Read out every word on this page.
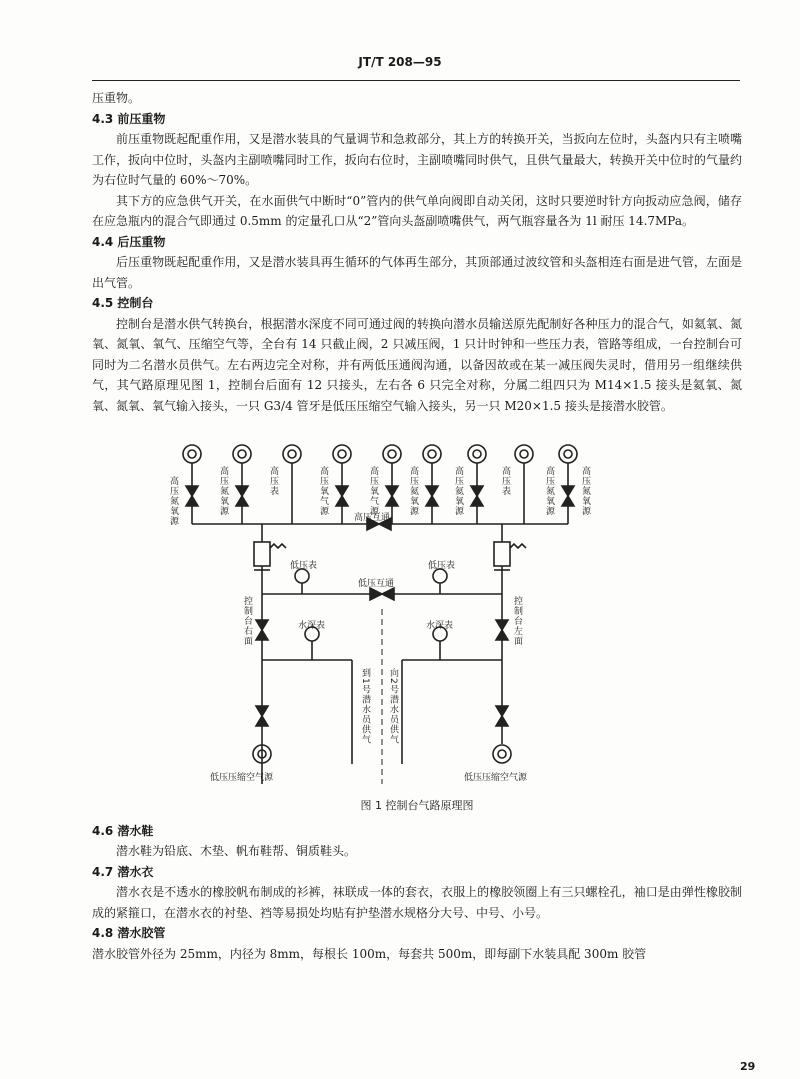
JT/T 208—95

压重物。

4.3 前压重物

前压重物既起配重作用，又是潜水装具的气量调节和急救部分，其上方的转换开关，当扳向左位时，头盔内只有主喷嘴工作，扳向中位时，头盔内主副喷嘴同时工作，扳向右位时，主副喷嘴同时供气，且供气量最大，转换开关中位时的气量约为右位时气量的 60%～70%。

其下方的应急供气开关，在水面供气中断时“0”管内的供气单向阀即自动关闭，这时只要逆时针方向扳动应急阀，储存在应急瓶内的混合气即通过 0.5mm 的定量孔口从“2”管向头盔副喷嘴供气，两气瓶容量各为 1l 耐压 14.7MPa。

4.4 后压重物

后压重物既起配重作用，又是潜水装具再生循环的气体再生部分，其顶部通过波纹管和头盔相连右面是进气管，左面是出气管。

4.5 控制台

控制台是潜水供气转换台，根据潜水深度不同可通过阀的转换向潜水员输送原先配制好各种压力的混合气，如氦氧、氮氧、氮氧、氧气、压缩空气等，全台有 14 只截止阀，2 只减压阀，1 只计时钟和一些压力表，管路等组成，一台控制台可同时为二名潜水员供气。左右两边完全对称，并有两低压通阀沟通，以备因故或在某一减压阀失灵时，借用另一组继续供气，其气路原理见图 1，控制台后面有 12 只接头，左右各 6 只完全对称，分属二组四只为 M14×1.5 接头是氦氧、氮氧、氮氧、氧气输入接头，一只 G3/4 管牙是低压压缩空气输入接头，另一只 M20×1.5 接头是接潜水胶管。

高压氮氧源	高压氮氧源	高压表	高压氧气源	高压氧气源	高压氦氧源	高压氦氧源	高压表	高压氮氧源	高压氮氧源
高压互通
低压表	低压表
低压互通
控制台右面	控制台左面
水深表	水深表
到1号潜水员供气 向2号潜水员供气
低压压缩空气源	低压压缩空气源
图 1 控制台气路原理图

4.6 潜水鞋

潜水鞋为铅底、木垫、帆布鞋帮、铜质鞋头。

4.7 潜水衣

潜水衣是不透水的橡胶帆布制成的衫裤，袜联成一体的套衣，衣服上的橡胶领圈上有三只螺栓孔，袖口是由弹性橡胶制成的紧箍口，在潜水衣的衬垫、裆等易损处均贴有护垫潜水规格分大号、中号、小号。

4.8 潜水胶管

潜水胶管外径为 25mm，内径为 8mm，每根长 100m，每套共 500m，即每副下水装具配 300m 胶管

29
